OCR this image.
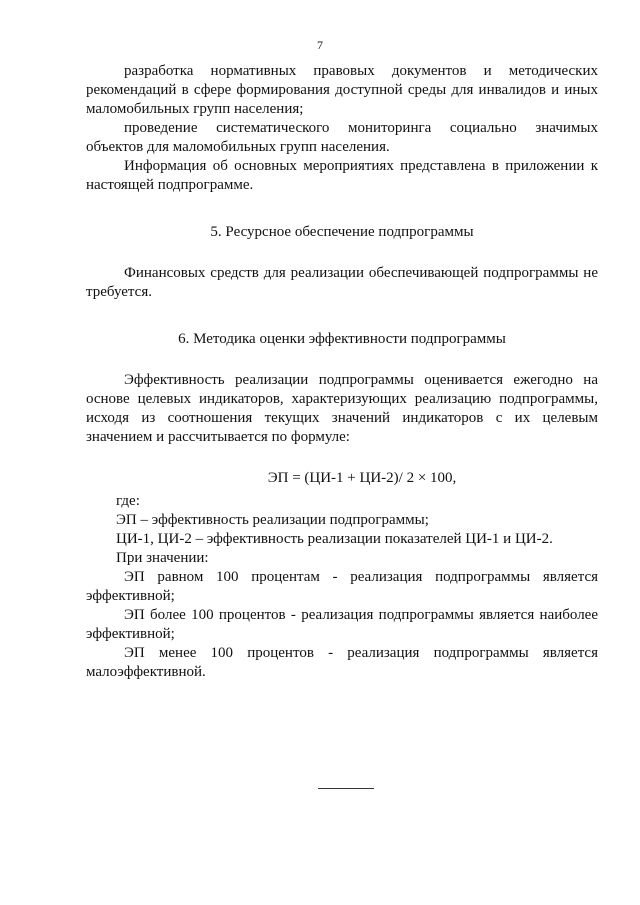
7

разработка нормативных правовых документов и методических рекомендаций в сфере формирования доступной среды для инвалидов и иных маломобильных групп населения;

проведение систематического мониторинга социально значимых объектов для маломобильных групп населения.

Информация об основных мероприятиях представлена в приложении к настоящей подпрограмме.

5. Ресурсное обеспечение подпрограммы

Финансовых средств для реализации обеспечивающей подпрограммы не требуется.

6. Методика оценки эффективности подпрограммы

Эффективность реализации подпрограммы оценивается ежегодно на основе целевых индикаторов, характеризующих реализацию подпрограммы, исходя из соотношения текущих значений индикаторов с их целевым значением и рассчитывается по формуле:

ЭП = (ЦИ-1 + ЦИ-2)/ 2 × 100,

где:

ЭП – эффективность реализации подпрограммы;

ЦИ-1, ЦИ-2 – эффективность реализации показателей ЦИ-1 и ЦИ-2.

При значении:

ЭП равном 100 процентам - реализация подпрограммы является эффективной;

ЭП более 100 процентов - реализация подпрограммы является наиболее эффективной;

ЭП менее 100 процентов - реализация подпрограммы является малоэффективной.
